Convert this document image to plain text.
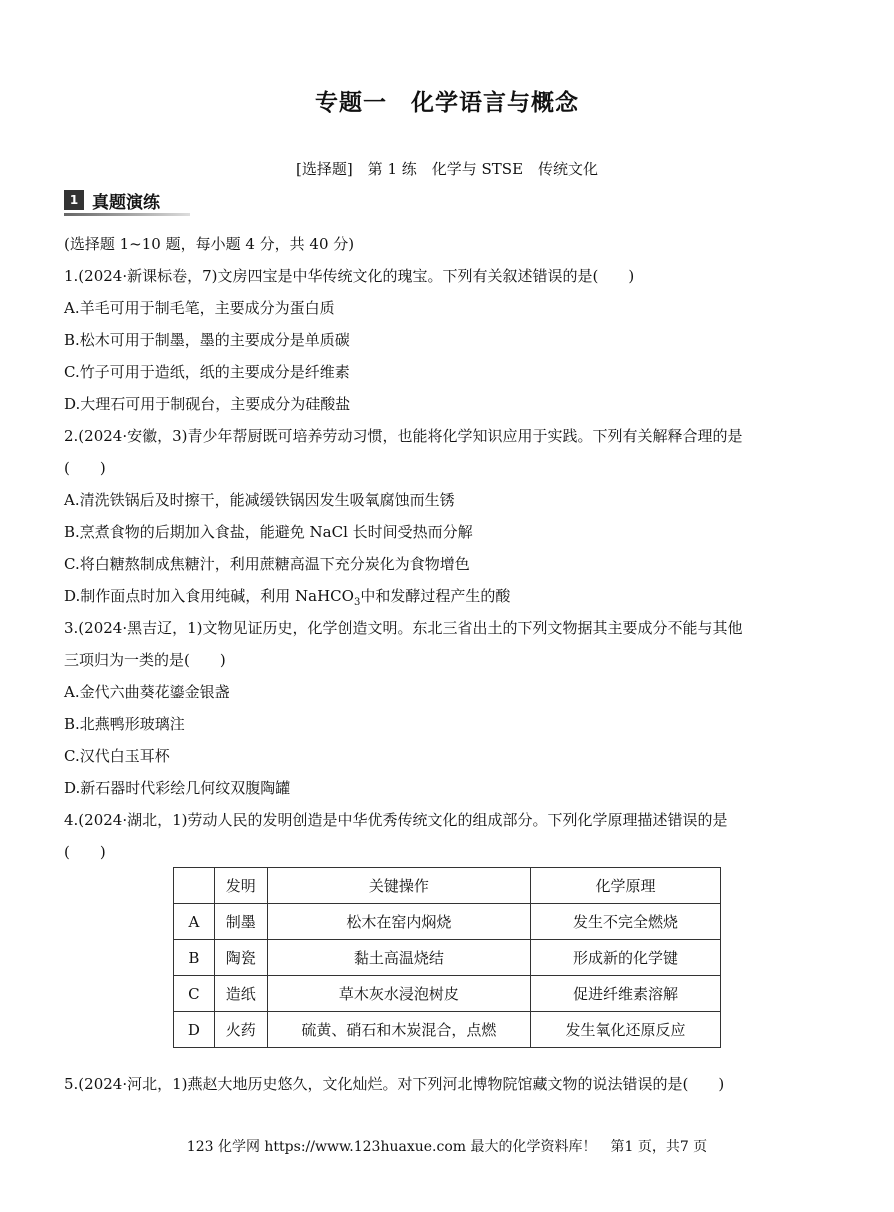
专题一　化学语言与概念
[选择题]　第 1 练　化学与 STSE　传统文化
1 真题演练
(选择题 1~10 题，每小题 4 分，共 40 分)
1.(2024·新课标卷，7)文房四宝是中华传统文化的瑰宝。下列有关叙述错误的是(　　)
A.羊毛可用于制毛笔，主要成分为蛋白质
B.松木可用于制墨，墨的主要成分是单质碳
C.竹子可用于造纸，纸的主要成分是纤维素
D.大理石可用于制砚台，主要成分为硅酸盐
2.(2024·安徽，3)青少年帮厨既可培养劳动习惯，也能将化学知识应用于实践。下列有关解释合理的是
(　　)
A.清洗铁锅后及时擦干，能减缓铁锅因发生吸氧腐蚀而生锈
B.烹煮食物的后期加入食盐，能避免 NaCl 长时间受热而分解
C.将白糖熬制成焦糖汁，利用蔗糖高温下充分炭化为食物增色
D.制作面点时加入食用纯碱，利用 NaHCO$_3$中和发酵过程产生的酸
3.(2024·黑吉辽，1)文物见证历史，化学创造文明。东北三省出土的下列文物据其主要成分不能与其他
三项归为一类的是(　　)
A.金代六曲葵花鎏金银盏
B.北燕鸭形玻璃注
C.汉代白玉耳杯
D.新石器时代彩绘几何纹双腹陶罐
4.(2024·湖北，1)劳动人民的发明创造是中华优秀传统文化的组成部分。下列化学原理描述错误的是
(　　)
	发明	关键操作	化学原理
A	制墨	松木在窑内焖烧	发生不完全燃烧
B	陶瓷	黏土高温烧结	形成新的化学键
C	造纸	草木灰水浸泡树皮	促进纤维素溶解
D	火药	硫黄、硝石和木炭混合，点燃	发生氧化还原反应
5.(2024·河北，1)燕赵大地历史悠久，文化灿烂。对下列河北博物院馆藏文物的说法错误的是(　　)
123 化学网 https://www.123huaxue.com 最大的化学资料库！　第1 页，共7 页
